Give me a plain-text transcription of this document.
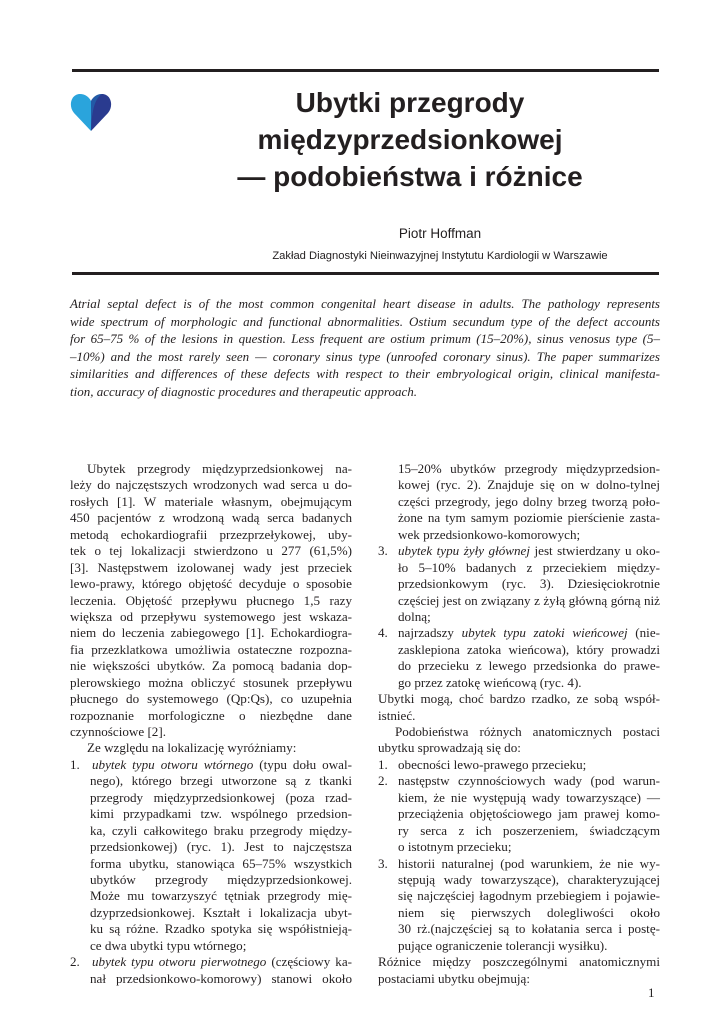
Ubytki przegrody
międzyprzedsionkowej
— podobieństwa i różnice
Piotr Hoffman
Zakład Diagnostyki Nieinwazyjnej Instytutu Kardiologii w Warszawie
Atrial septal defect is of the most common congenital heart disease in adults. The pathology represents
wide spectrum of morphologic and functional abnormalities. Ostium secundum type of the defect accounts
for 65–75 % of the lesions in question. Less frequent are ostium primum (15–20%), sinus venosus type (5–
–10%) and the most rarely seen — coronary sinus type (unroofed coronary sinus). The paper summarizes
similarities and differences of these defects with respect to their embryological origin, clinical manifesta-
tion, accuracy of diagnostic procedures and therapeutic approach.
Ubytek przegrody międzyprzedsionkowej na-
leży do najczęstszych wrodzonych wad serca u do-
rosłych [1]. W materiale własnym, obejmującym
450 pacjentów z wrodzoną wadą serca badanych
metodą echokardiografii przezprzełykowej, uby-
tek o tej lokalizacji stwierdzono u 277 (61,5%)
[3]. Następstwem izolowanej wady jest przeciek
lewo-prawy, którego objętość decyduje o sposobie
leczenia. Objętość przepływu płucnego 1,5 razy
większa od przepływu systemowego jest wskaza-
niem do leczenia zabiegowego [1]. Echokardiogra-
fia przezklatkowa umożliwia ostateczne rozpozna-
nie większości ubytków. Za pomocą badania dop-
plerowskiego można obliczyć stosunek przepływu
płucnego do systemowego (Qp:Qs), co uzupełnia
rozpoznanie morfologiczne o niezbędne dane
czynnościowe [2].
Ze względu na lokalizację wyróżniamy:
1. ubytek typu otworu wtórnego (typu dołu owal-
nego), którego brzegi utworzone są z tkanki
przegrody międzyprzedsionkowej (poza rzad-
kimi przypadkami tzw. wspólnego przedsion-
ka, czyli całkowitego braku przegrody między-
przedsionkowej) (ryc. 1). Jest to najczęstsza
forma ubytku, stanowiąca 65–75% wszystkich
ubytków przegrody międzyprzedsionkowej.
Może mu towarzyszyć tętniak przegrody mię-
dzyprzedsionkowej. Kształt i lokalizacja ubyt-
ku są różne. Rzadko spotyka się współistnieją-
ce dwa ubytki typu wtórnego;
2. ubytek typu otworu pierwotnego (częściowy ka-
nał przedsionkowo-komorowy) stanowi około
15–20% ubytków przegrody międzyprzedsion-
kowej (ryc. 2). Znajduje się on w dolno-tylnej
części przegrody, jego dolny brzeg tworzą poło-
żone na tym samym poziomie pierścienie zasta-
wek przedsionkowo-komorowych;
3. ubytek typu żyły głównej jest stwierdzany u oko-
ło 5–10% badanych z przeciekiem między-
przedsionkowym (ryc. 3). Dziesięciokrotnie
częściej jest on związany z żyłą główną górną niż
dolną;
4. najrzadszy ubytek typu zatoki wieńcowej (nie-
zasklepiona zatoka wieńcowa), który prowadzi
do przecieku z lewego przedsionka do prawe-
go przez zatokę wieńcową (ryc. 4).
Ubytki mogą, choć bardzo rzadko, ze sobą współ-
istnieć.
Podobieństwa różnych anatomicznych postaci
ubytku sprowadzają się do:
1. obecności lewo-prawego przecieku;
2. następstw czynnościowych wady (pod warun-
kiem, że nie występują wady towarzyszące) —
przeciążenia objętościowego jam prawej komo-
ry serca z ich poszerzeniem, świadczącym
o istotnym przecieku;
3. historii naturalnej (pod warunkiem, że nie wy-
stępują wady towarzyszące), charakteryzującej
się najczęściej łagodnym przebiegiem i pojawie-
niem się pierwszych dolegliwości około
30 rż.(najczęściej są to kołatania serca i postę-
pujące ograniczenie tolerancji wysiłku).
Różnice między poszczególnymi anatomicznymi
postaciami ubytku obejmują:
1
